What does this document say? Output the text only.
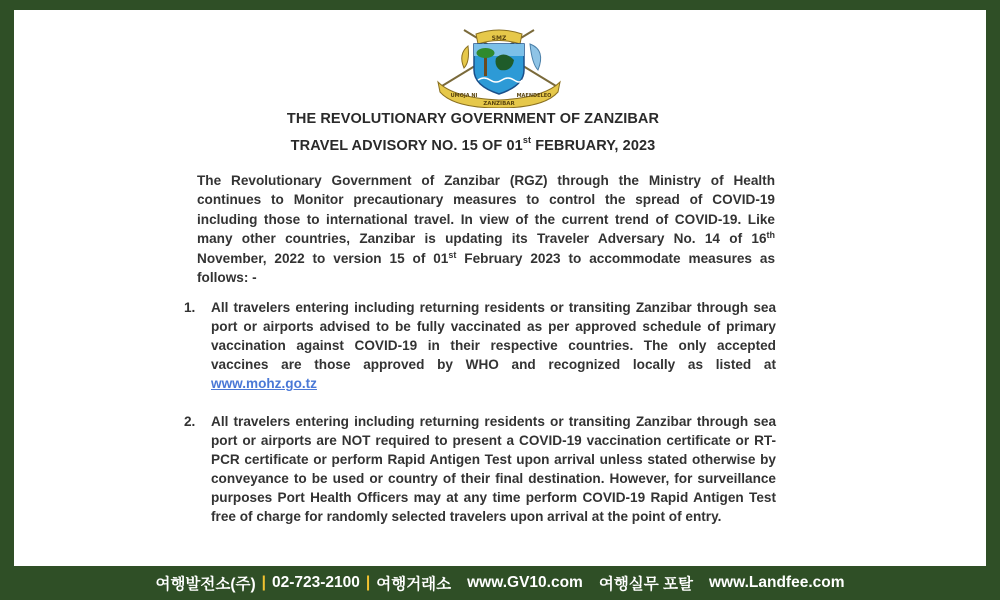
SMZ
UMOJA NI
ZANZIBAR
MAENDELEO
THE REVOLUTIONARY GOVERNMENT OF ZANZIBAR
TRAVEL ADVISORY NO. 15 OF 01st FEBRUARY, 2023
The Revolutionary Government of Zanzibar (RGZ) through the Ministry of Health continues to Monitor precautionary measures to control the spread of COVID-19 including those to international travel. In view of the current trend of COVID-19. Like many other countries, Zanzibar is updating its Traveler Adversary No. 14 of 16th November, 2022 to version 15 of 01st February 2023 to accommodate measures as follows: -
1. All travelers entering including returning residents or transiting Zanzibar through sea port or airports advised to be fully vaccinated as per approved schedule of primary vaccination against COVID-19 in their respective countries. The only accepted vaccines are those approved by WHO and recognized locally as listed at www.mohz.go.tz
2. All travelers entering including returning residents or transiting Zanzibar through sea port or airports are NOT required to present a COVID-19 vaccination certificate or RT-PCR certificate or perform Rapid Antigen Test upon arrival unless stated otherwise by conveyance to be used or country of their final destination. However, for surveillance purposes Port Health Officers may at any time perform COVID-19 Rapid Antigen Test free of charge for randomly selected travelers upon arrival at the point of entry.
여행발전소(주) | 02-723-2100 | 여행거래소 www.GV10.com 여행실무 포탈 www.Landfee.com
